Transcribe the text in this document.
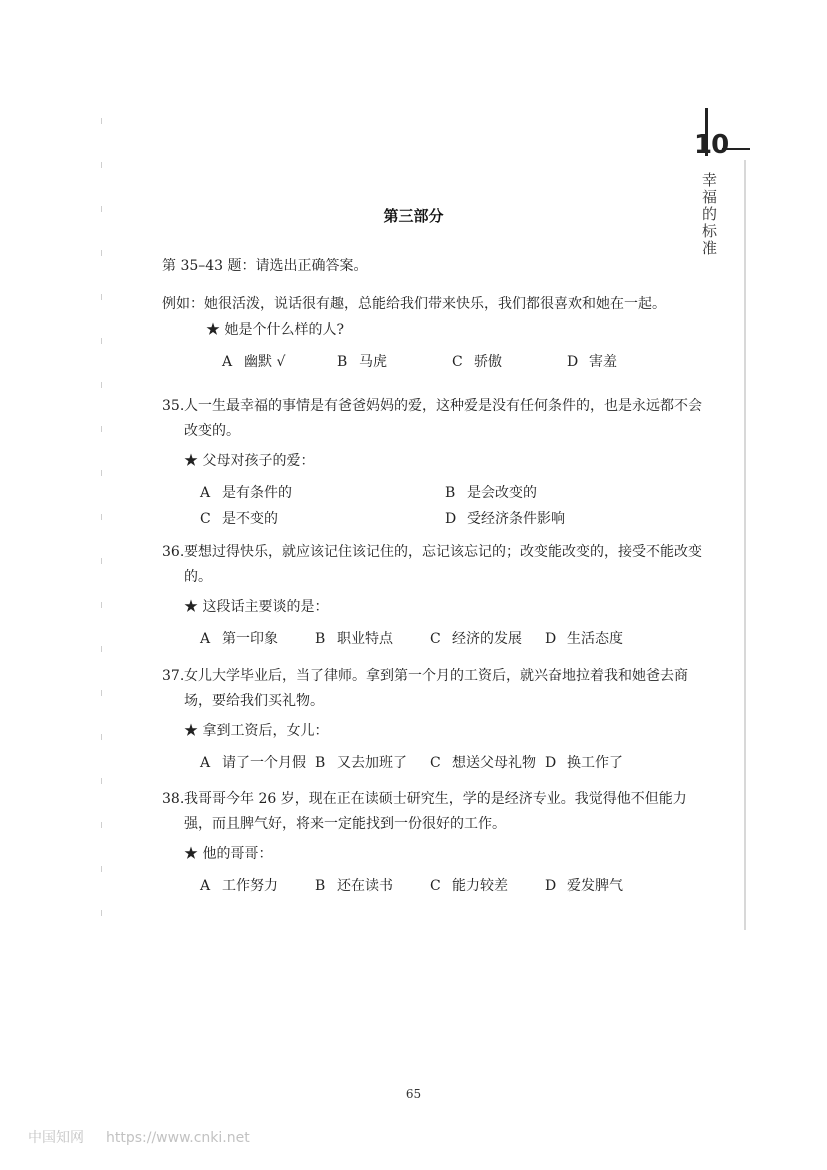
10
幸福的标准
第三部分
第 35–43 题：请选出正确答案。
例如：她很活泼，说话很有趣，总能给我们带来快乐，我们都很喜欢和她在一起。
★ 她是个什么样的人?
A 幽默 √	B 马虎	C 骄傲	D 害羞
35.人一生最幸福的事情是有爸爸妈妈的爱，这种爱是没有任何条件的，也是永远都不会改变的。
★ 父母对孩子的爱：
A 是有条件的	B 是会改变的
C 是不变的	D 受经济条件影响
36.要想过得快乐，就应该记住该记住的，忘记该忘记的；改变能改变的，接受不能改变的。
★ 这段话主要谈的是：
A 第一印象	B 职业特点	C 经济的发展 D 生活态度
37.女儿大学毕业后，当了律师。拿到第一个月的工资后，就兴奋地拉着我和她爸去商场，要给我们买礼物。
★ 拿到工资后，女儿：
A 请了一个月假 B 又去加班了 C 想送父母礼物 D 换工作了
38.我哥哥今年 26 岁，现在正在读硕士研究生，学的是经济专业。我觉得他不但能力强，而且脾气好，将来一定能找到一份很好的工作。
★ 他的哥哥：
A 工作努力	B 还在读书	C 能力较差	D 爱发脾气
65
中国知网 https://www.cnki.net
